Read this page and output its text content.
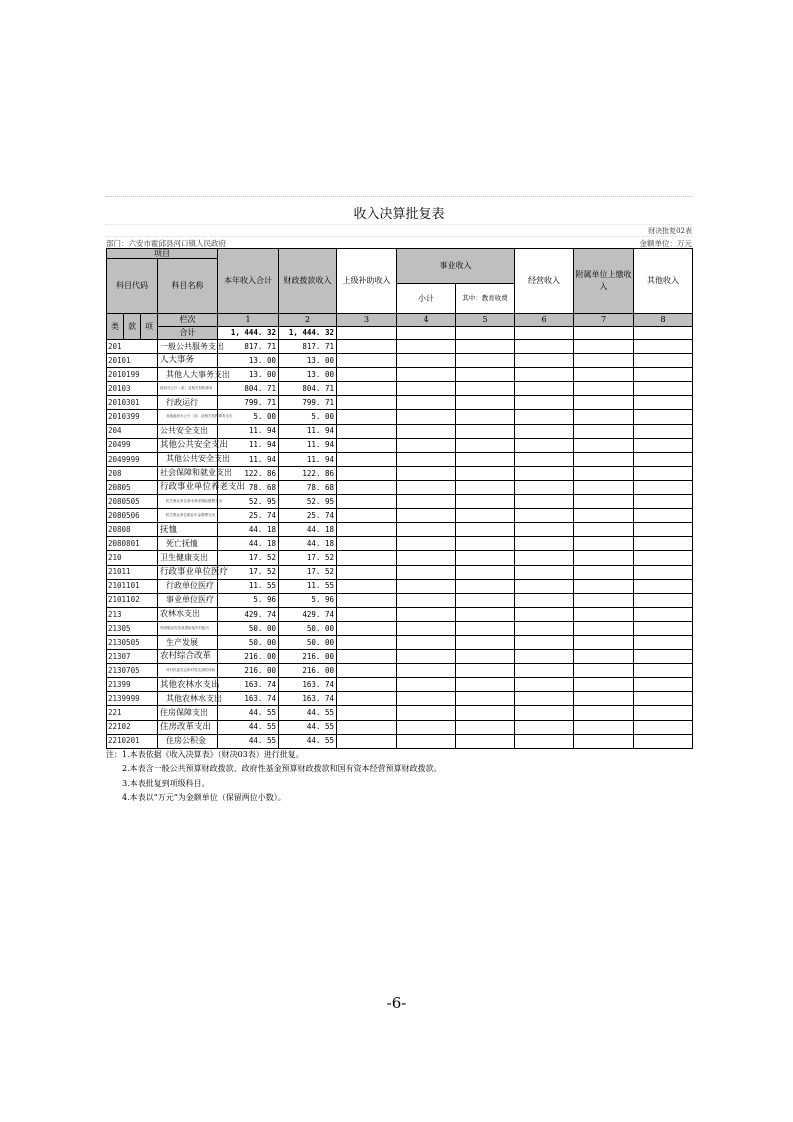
收入决算批复表
财决批复02表
部门：六安市霍邱县河口镇人民政府	金额单位：万元
项目				本年收入合计	财政拨款收入	上级补助收入	事业收入		经营收入	附属单位上缴收入	其他收入
科目代码			科目名称								
							小计	其中：教育收费			
类	款	项	栏次	1	2	3	4	5	6	7	8
			合计	1, 444. 32	1, 444. 32						
201			一般公共服务支出	817. 71	817. 71						
20101			人大事务	13. 00	13. 00						
2010199			其他人大事务支出	13. 00	13. 00						
20103			政府办公厅（室）及相关机构事务	804. 71	804. 71						
2010301			行政运行	799. 71	799. 71						
2010399			其他政府办公厅（室）及相关机构事务支出	5. 00	5. 00						
204			公共安全支出	11. 94	11. 94						
20499			其他公共安全支出	11. 94	11. 94						
2049999			其他公共安全支出	11. 94	11. 94						
208			社会保障和就业支出	122. 86	122. 86						
20805			行政事业单位养老支出	78. 68	78. 68						
2080505			机关事业单位基本养老保险缴费支出	52. 95	52. 95						
2080506			机关事业单位职业年金缴费支出	25. 74	25. 74						
20808			抚恤	44. 18	44. 18						
2080801			死亡抚恤	44. 18	44. 18						
210			卫生健康支出	17. 52	17. 52						
21011			行政事业单位医疗	17. 52	17. 52						
2101101			行政单位医疗	11. 55	11. 55						
2101102			事业单位医疗	5. 96	5. 96						
213			农林水支出	429. 74	429. 74						
21305			巩固脱贫攻坚成果衔接乡村振兴	50. 00	50. 00						
2130505			生产发展	50. 00	50. 00						
21307			农村综合改革	216. 00	216. 00						
2130705			对村民委员会和村党支部的补助	216. 00	216. 00						
21399			其他农林水支出	163. 74	163. 74						
2139999			其他农林水支出	163. 74	163. 74						
221			住房保障支出	44. 55	44. 55						
22102			住房改革支出	44. 55	44. 55						
2210201			住房公积金	44. 55	44. 55						
注：1.本表依据《收入决算表》（财决03表）进行批复。
2.本表含一般公共预算财政拨款、政府性基金预算财政拨款和国有资本经营预算财政拨款。
3.本表批复到项级科目。
4.本表以“万元”为金额单位（保留两位小数）。
-6-
